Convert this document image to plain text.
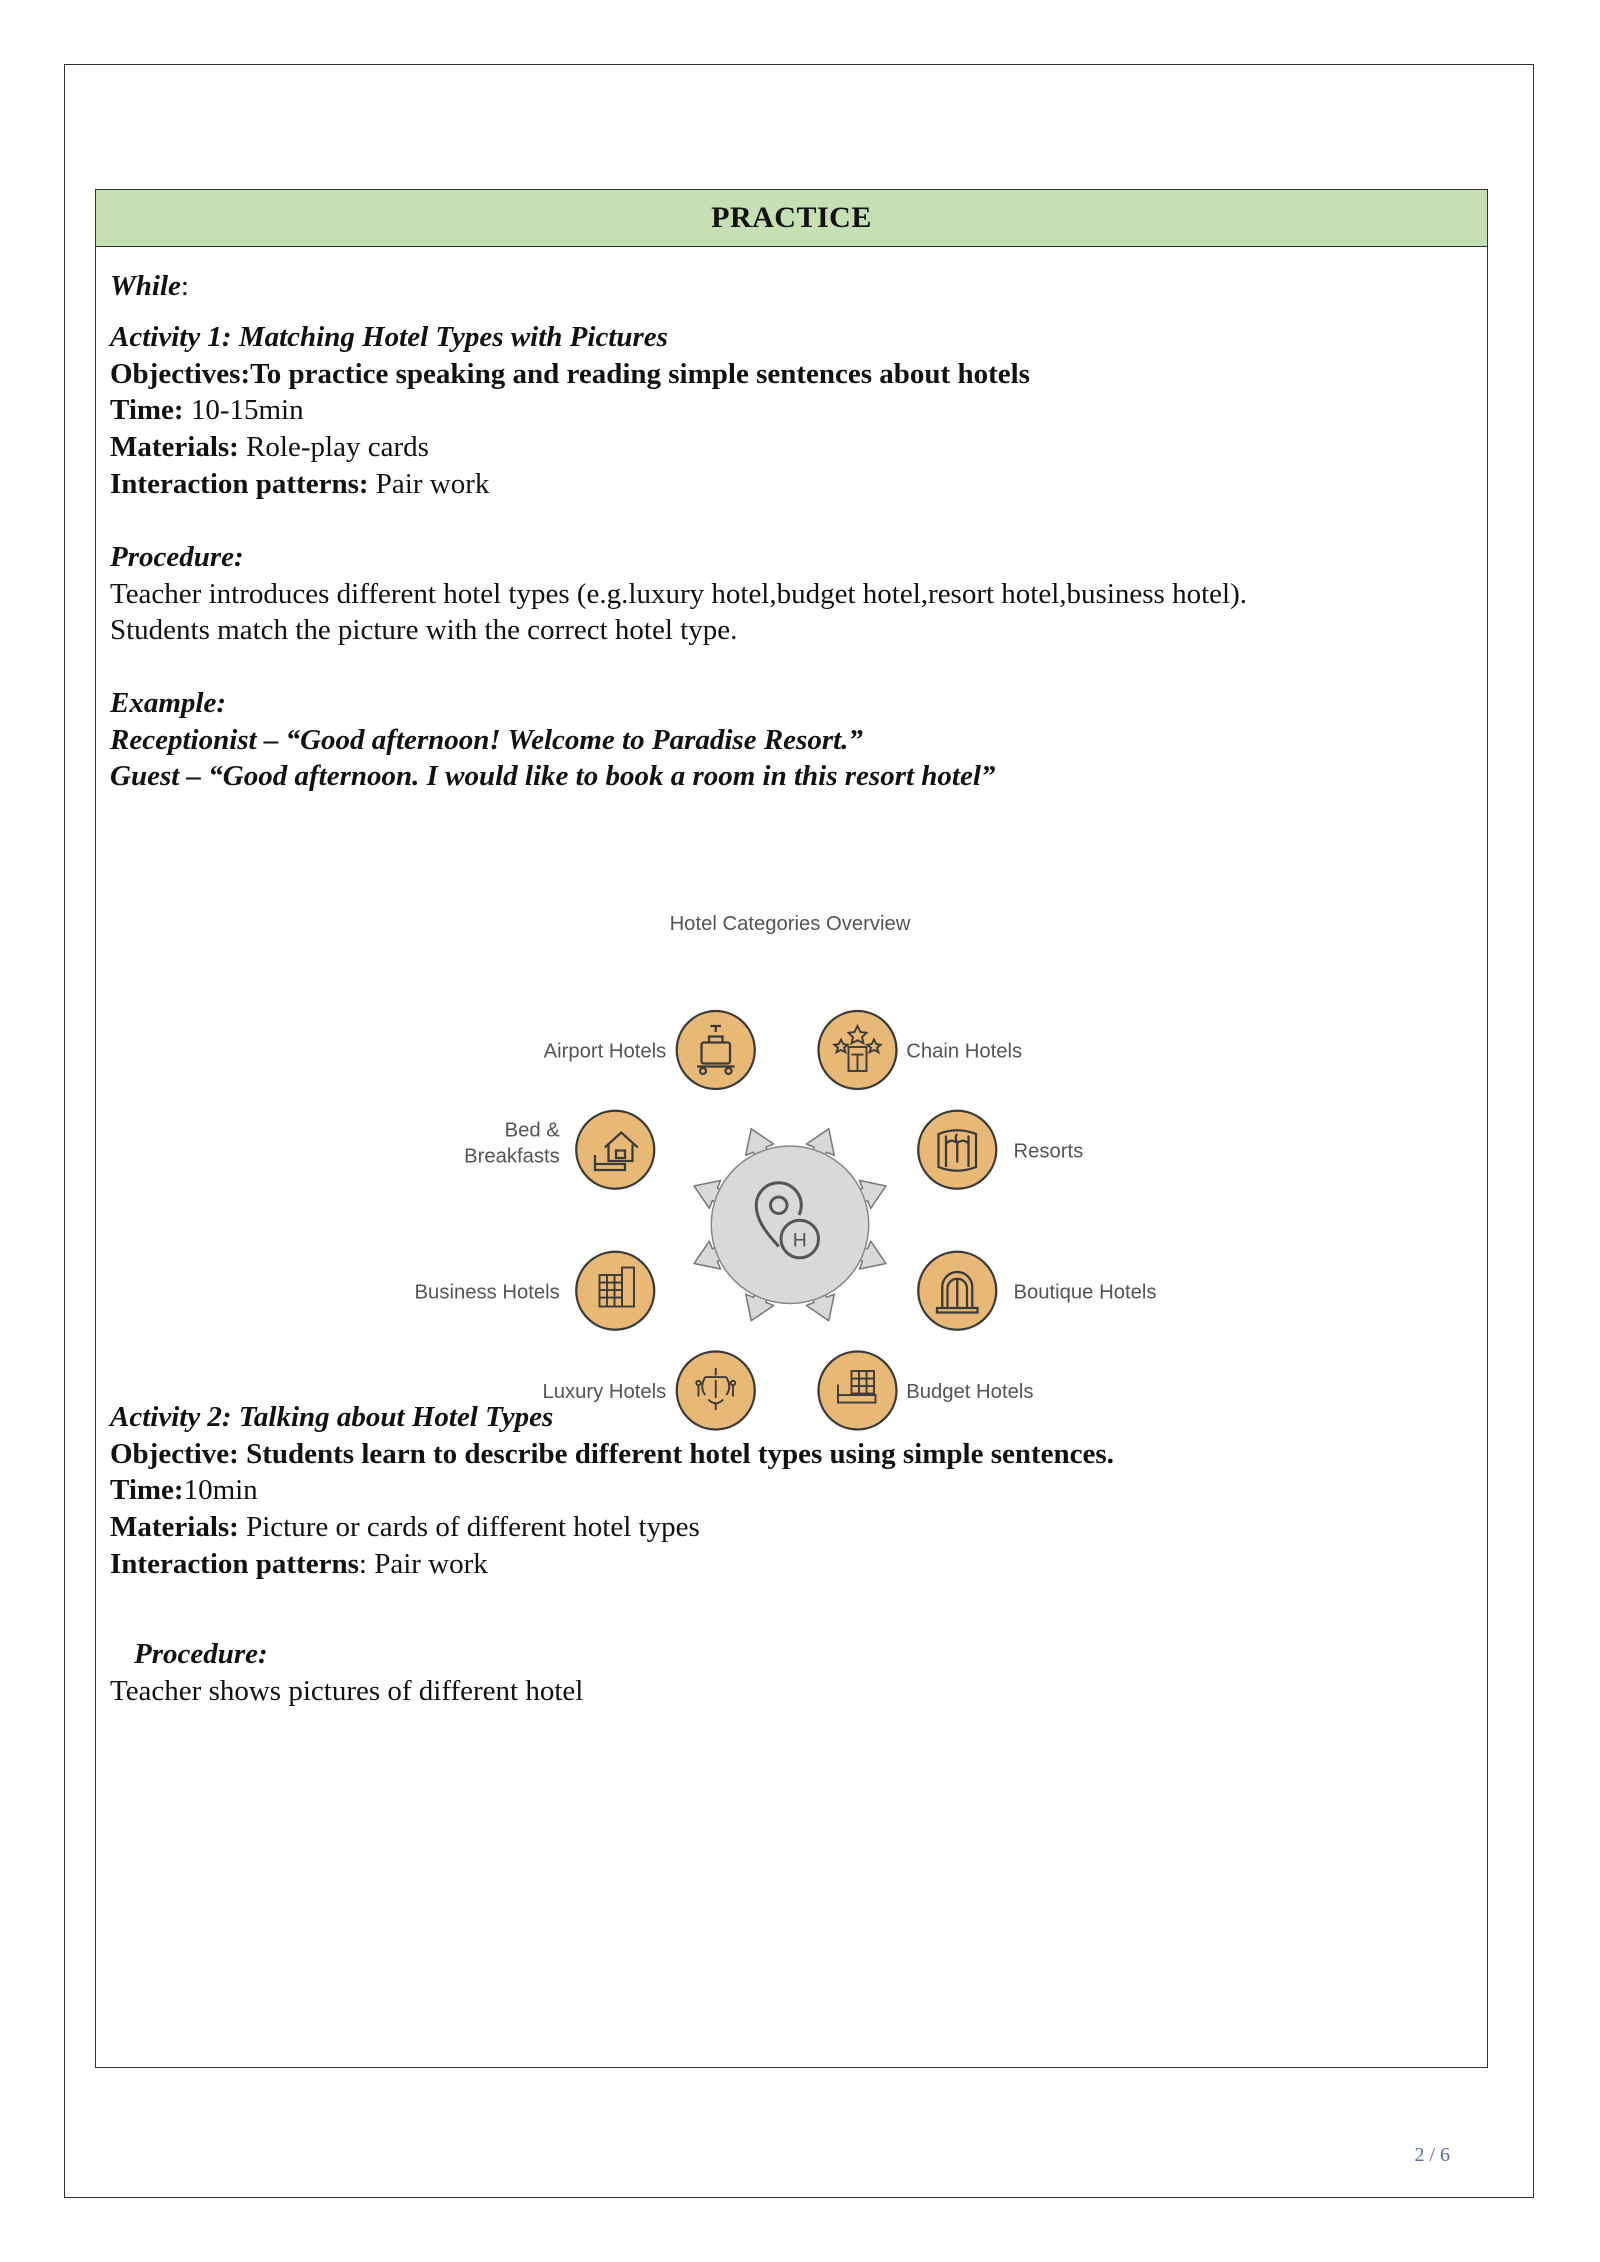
PRACTICE
While:
Activity 1: Matching Hotel Types with Pictures
Objectives:To practice speaking and reading simple sentences about hotels
Time: 10-15min
Materials: Role-play cards
Interaction patterns: Pair work
Procedure:
Teacher introduces different hotel types (e.g.luxury hotel,budget hotel,resort hotel,business hotel).
Students match the picture with the correct hotel type.
Example:
Receptionist – “Good afternoon! Welcome to Paradise Resort.”
Guest – “Good afternoon. I would like to book a room in this resort hotel”
Activity 2: Talking about Hotel Types
Objective: Students learn to describe different hotel types using simple sentences.
Time:10min
Materials: Picture or cards of different hotel types
Interaction patterns: Pair work
Procedure:
Teacher shows pictures of different hotel
Hotel Categories Overview
H
Airport Hotels	Chain Hotels
Bed &
Breakfasts	Resorts
Business Hotels	Boutique Hotels
Luxury Hotels	Budget Hotels
2 / 6
